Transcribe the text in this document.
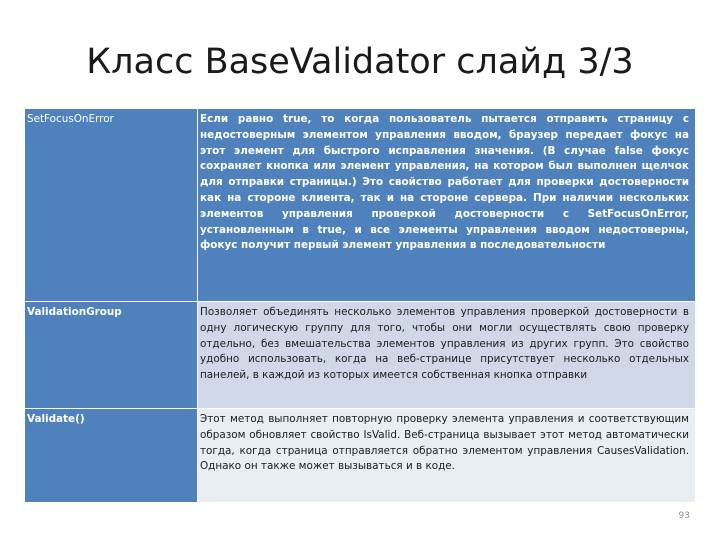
Класс BaseValidator слайд 3/3
SetFocusOnError	Если равно true, то когда пользователь пытается отправить страницу с недостоверным элементом управления вводом, браузер передает фокус на этот элемент для быстрого исправления значения. (В случае false фокус сохраняет кнопка или элемент управления, на котором был выполнен щелчок для отправки страницы.) Это свойство работает для проверки достоверности как на стороне клиента, так и на стороне сервера. При наличии нескольких элементов управления проверкой достоверности с SetFocusOnError, установленным в true, и все элементы управления вводом недостоверны, фокус получит первый элемент управления в последовательности
ValidationGroup	Позволяет объединять несколько элементов управления проверкой достоверности в одну логическую группу для того, чтобы они могли осуществлять свою проверку отдельно, без вмешательства элементов управления из других групп. Это свойство удобно использовать, когда на веб-странице присутствует несколько отдельных панелей, в каждой из которых имеется собственная кнопка отправки
Validate()	Этот метод выполняет повторную проверку элемента управления и соответствующим образом обновляет свойство IsValid. Веб-страница вызывает этот метод автоматически тогда, когда страница отправляется обратно элементом управления CausesValidation. Однако он также может вызываться и в коде.
93
